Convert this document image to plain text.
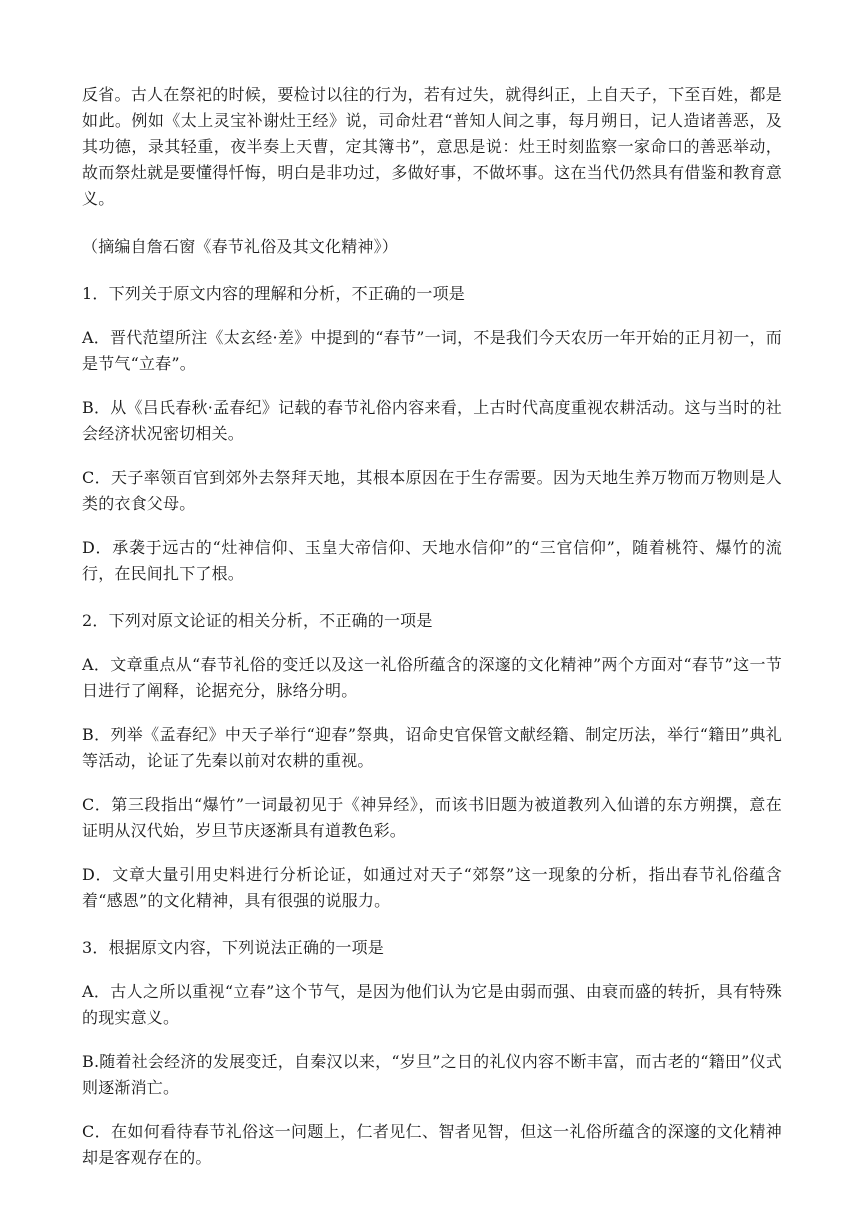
反省。古人在祭祀的时候，要检讨以往的行为，若有过失，就得纠正，上自天子，下至百姓，都是如此。例如《太上灵宝补谢灶王经》说，司命灶君“普知人间之事，每月朔日，记人造诸善恶，及其功德，录其轻重，夜半奏上天曹，定其簿书”，意思是说：灶王时刻监察一家命口的善恶举动，故而祭灶就是要懂得忏悔，明白是非功过，多做好事，不做坏事。这在当代仍然具有借鉴和教育意义。

（摘编自詹石窗《春节礼俗及其文化精神》）

1．下列关于原文内容的理解和分析，不正确的一项是

A．晋代范望所注《太玄经·差》中提到的“春节”一词，不是我们今天农历一年开始的正月初一，而是节气“立春”。

B．从《吕氏春秋·孟春纪》记载的春节礼俗内容来看，上古时代高度重视农耕活动。这与当时的社会经济状况密切相关。

C．天子率领百官到郊外去祭拜天地，其根本原因在于生存需要。因为天地生养万物而万物则是人类的衣食父母。

D．承袭于远古的“灶神信仰、玉皇大帝信仰、天地水信仰”的“三官信仰”，随着桃符、爆竹的流行，在民间扎下了根。

2．下列对原文论证的相关分析，不正确的一项是

A．文章重点从“春节礼俗的变迁以及这一礼俗所蕴含的深邃的文化精神”两个方面对“春节”这一节日进行了阐释，论据充分，脉络分明。

B．列举《孟春纪》中天子举行“迎春”祭典，诏命史官保管文献经籍、制定历法，举行“籍田”典礼等活动，论证了先秦以前对农耕的重视。

C．第三段指出“爆竹”一词最初见于《神异经》，而该书旧题为被道教列入仙谱的东方朔撰，意在证明从汉代始，岁旦节庆逐渐具有道教色彩。

D．文章大量引用史料进行分析论证，如通过对天子“郊祭”这一现象的分析，指出春节礼俗蕴含着“感恩”的文化精神，具有很强的说服力。

3．根据原文内容，下列说法正确的一项是

A．古人之所以重视“立春”这个节气，是因为他们认为它是由弱而强、由衰而盛的转折，具有特殊的现实意义。

B.随着社会经济的发展变迁，自秦汉以来，“岁旦”之日的礼仪内容不断丰富，而古老的“籍田”仪式则逐渐消亡。

C．在如何看待春节礼俗这一问题上，仁者见仁、智者见智，但这一礼俗所蕴含的深邃的文化精神却是客观存在的。
